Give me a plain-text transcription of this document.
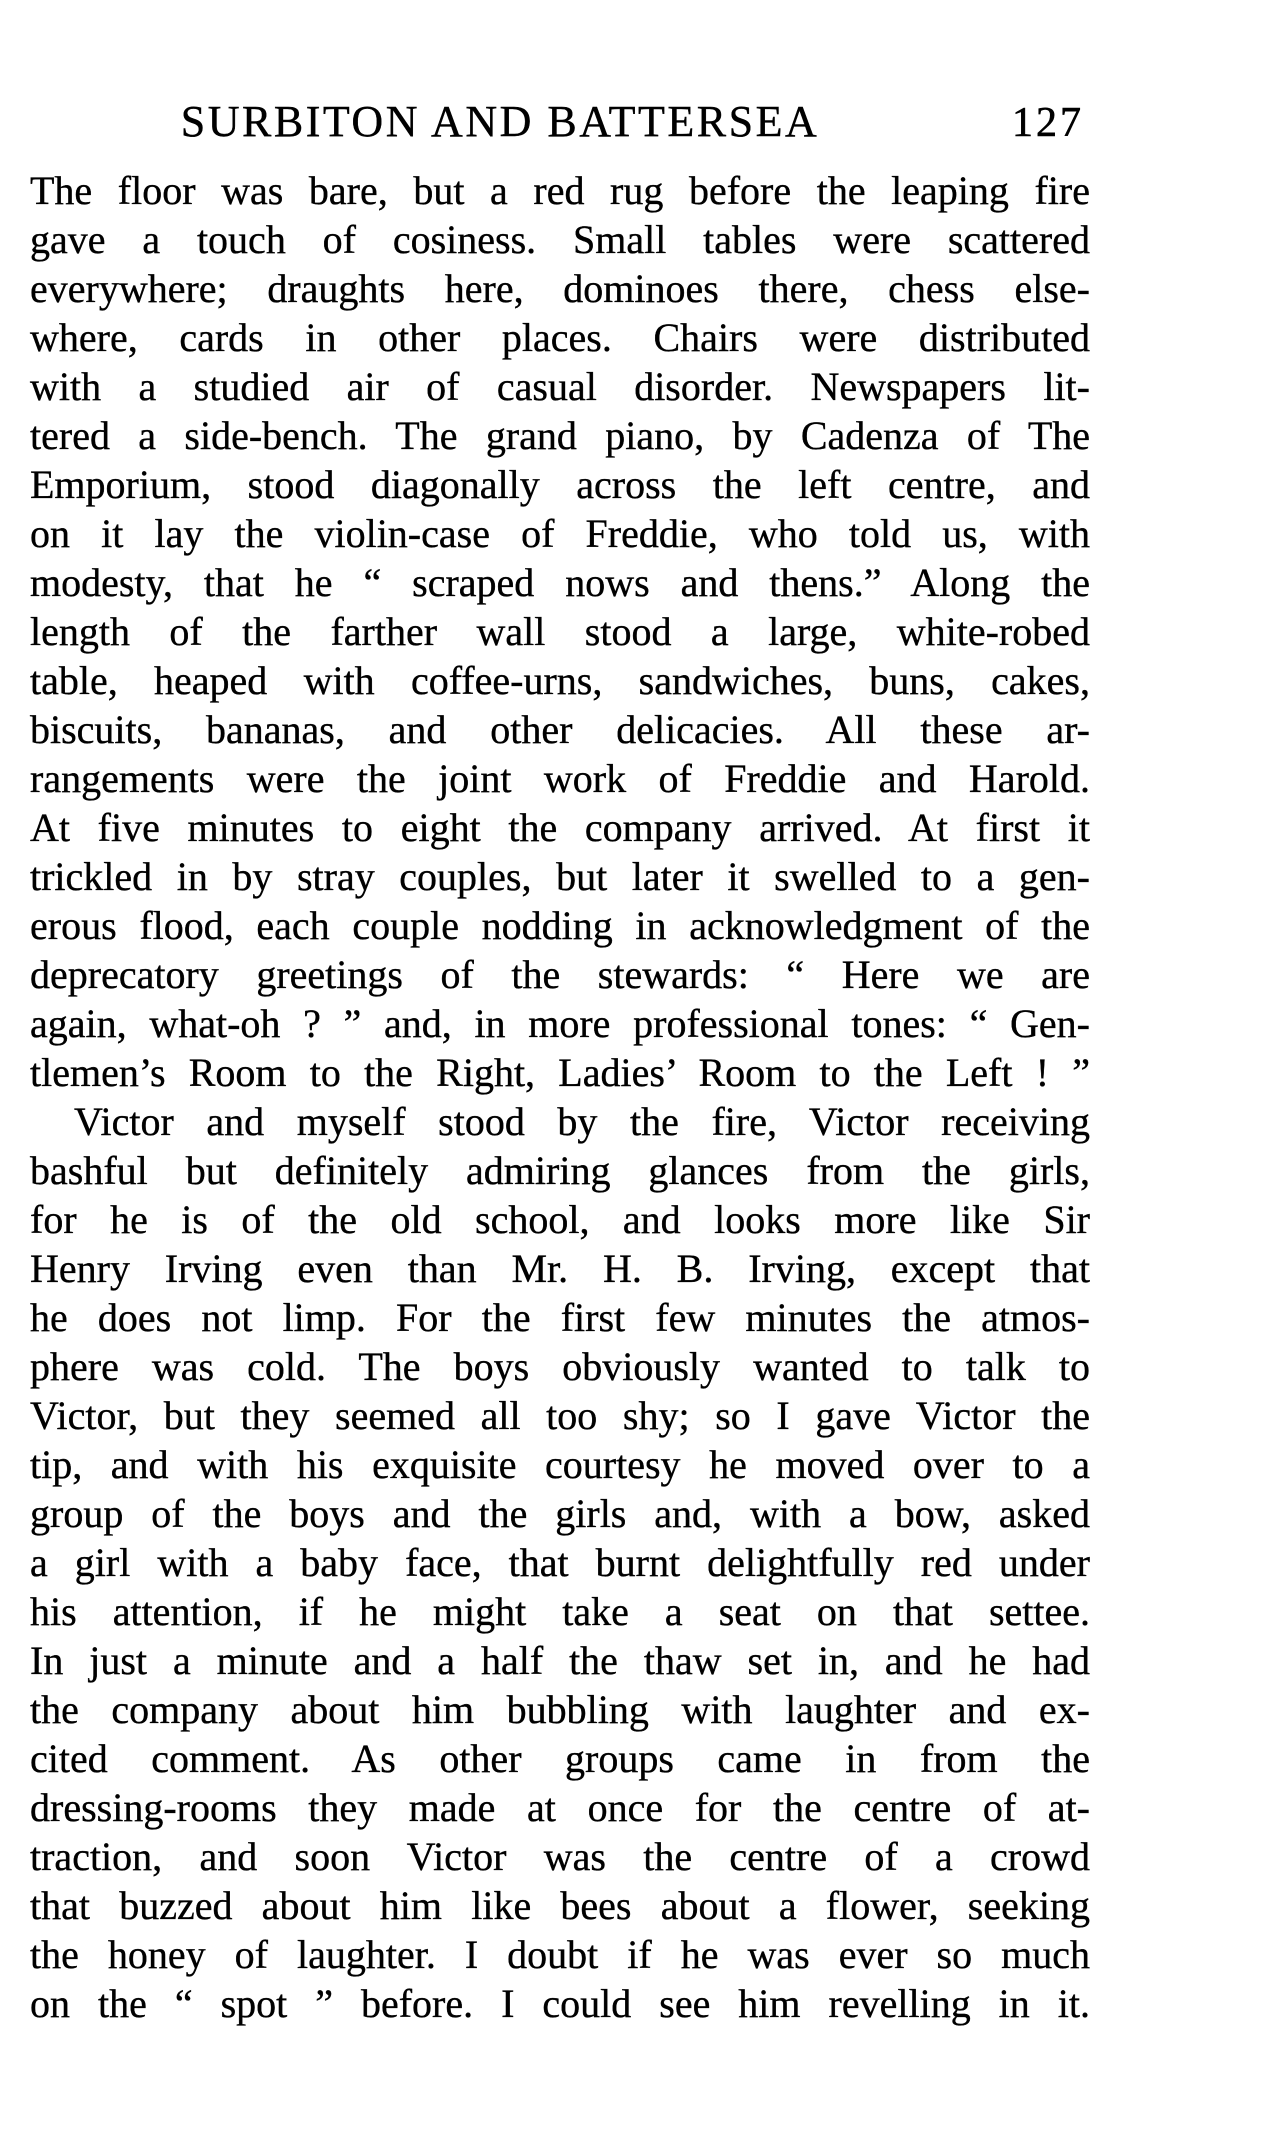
SURBITON AND BATTERSEA	127
The floor was bare, but a red rug before the leaping fire
gave a touch of cosiness. Small tables were scattered
everywhere; draughts here, dominoes there, chess else-
where, cards in other places. Chairs were distributed
with a studied air of casual disorder. Newspapers lit-
tered a side-bench. The grand piano, by Cadenza of The
Emporium, stood diagonally across the left centre, and
on it lay the violin-case of Freddie, who told us, with
modesty, that he “ scraped nows and thens.” Along the
length of the farther wall stood a large, white-robed
table, heaped with coffee-urns, sandwiches, buns, cakes,
biscuits, bananas, and other delicacies. All these ar-
rangements were the joint work of Freddie and Harold.
At five minutes to eight the company arrived. At first it
trickled in by stray couples, but later it swelled to a gen-
erous flood, each couple nodding in acknowledgment of the
deprecatory greetings of the stewards: “ Here we are
again, what-oh ? ” and, in more professional tones: “ Gen-
tlemen’s Room to the Right, Ladies’ Room to the Left ! ”
Victor and myself stood by the fire, Victor receiving
bashful but definitely admiring glances from the girls,
for he is of the old school, and looks more like Sir
Henry Irving even than Mr. H. B. Irving, except that
he does not limp. For the first few minutes the atmos-
phere was cold. The boys obviously wanted to talk to
Victor, but they seemed all too shy; so I gave Victor the
tip, and with his exquisite courtesy he moved over to a
group of the boys and the girls and, with a bow, asked
a girl with a baby face, that burnt delightfully red under
his attention, if he might take a seat on that settee.
In just a minute and a half the thaw set in, and he had
the company about him bubbling with laughter and ex-
cited comment. As other groups came in from the
dressing-rooms they made at once for the centre of at-
traction, and soon Victor was the centre of a crowd
that buzzed about him like bees about a flower, seeking
the honey of laughter. I doubt if he was ever so much
on the “ spot ” before. I could see him revelling in it.
